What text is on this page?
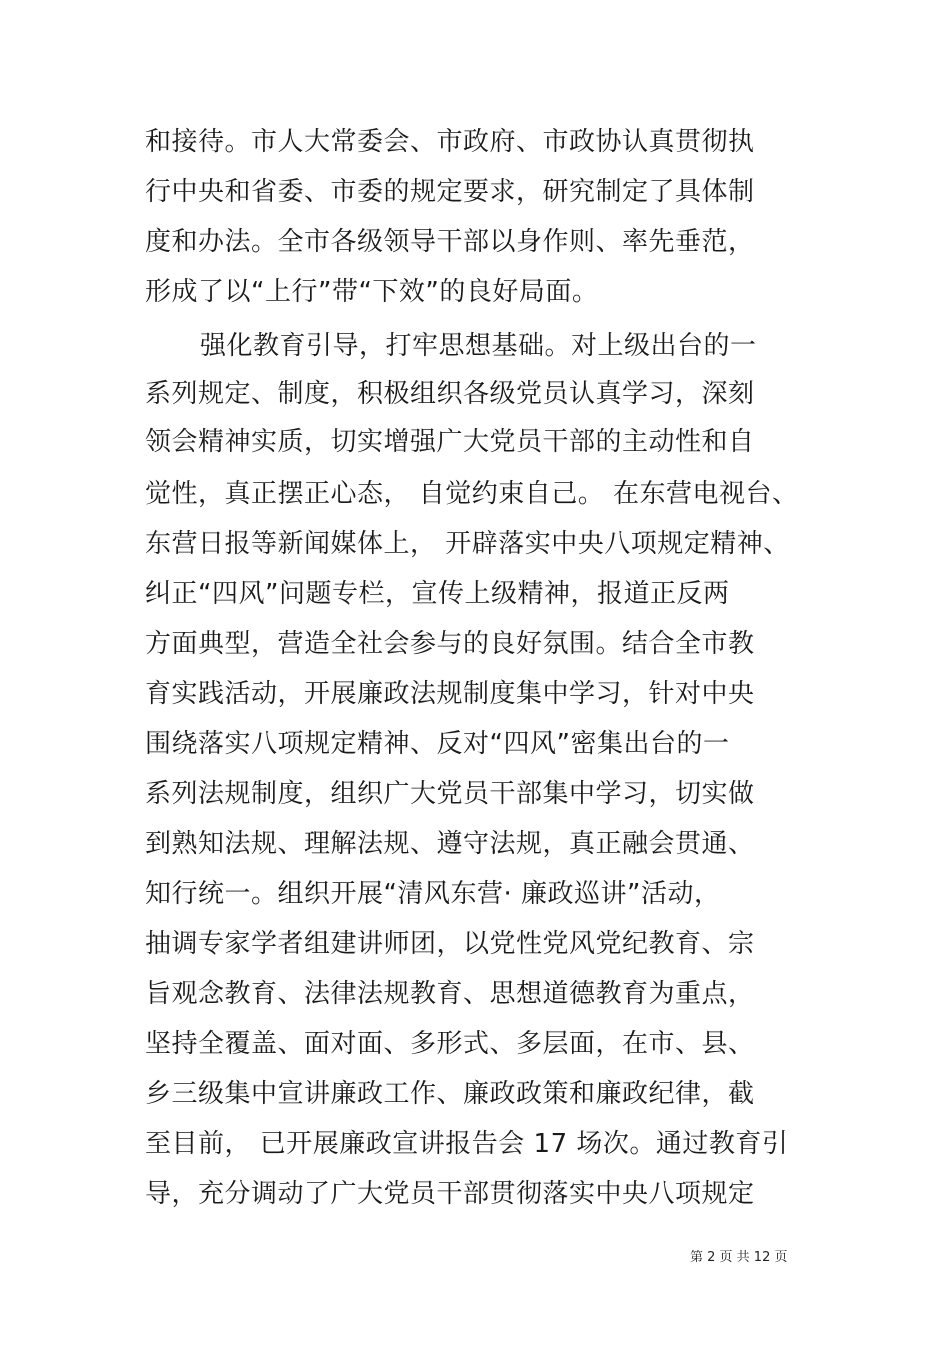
和接待。市人大常委会、市政府、市政协认真贯彻执
行中央和省委、市委的规定要求，研究制定了具体制
度和办法。全市各级领导干部以身作则、率先垂范，
形成了以“上行”带“下效”的良好局面。
强化教育引导，打牢思想基础。对上级出台的一
系列规定、制度，积极组织各级党员认真学习，深刻
领会精神实质，切实增强广大党员干部的主动性和自
觉性，真正摆正心态， 自觉约束自己。 在东营电视台、
东营日报等新闻媒体上， 开辟落实中央八项规定精神、
纠正“四风”问题专栏，宣传上级精神，报道正反两
方面典型，营造全社会参与的良好氛围。结合全市教
育实践活动，开展廉政法规制度集中学习，针对中央
围绕落实八项规定精神、反对“四风”密集出台的一
系列法规制度，组织广大党员干部集中学习，切实做
到熟知法规、理解法规、遵守法规，真正融会贯通、
知行统一。组织开展“清风东营· 廉政巡讲”活动，
抽调专家学者组建讲师团，以党性党风党纪教育、宗
旨观念教育、法律法规教育、思想道德教育为重点，
坚持全覆盖、面对面、多形式、多层面，在市、县、
乡三级集中宣讲廉政工作、廉政政策和廉政纪律，截
至目前， 已开展廉政宣讲报告会 17 场次。通过教育引
导，充分调动了广大党员干部贯彻落实中央八项规定
第 2 页 共 12 页
